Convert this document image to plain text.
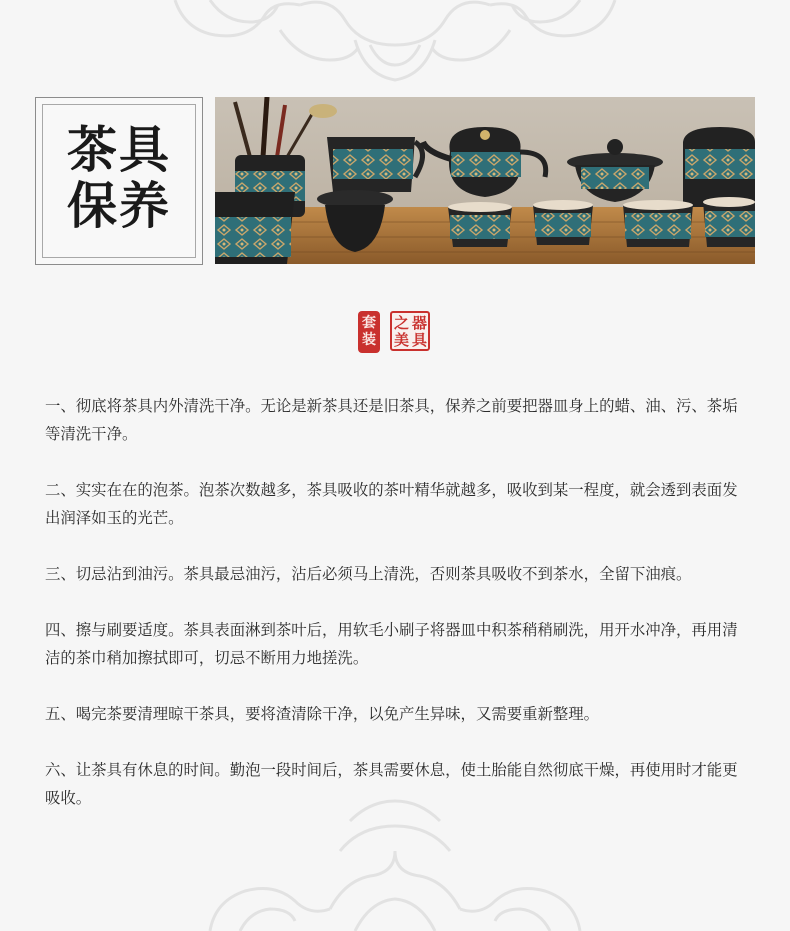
茶具
保养
套装
之 器
美 具

一、彻底将茶具内外清洗干净。无论是新茶具还是旧茶具，保养之前要把器皿身上的蜡、油、污、茶垢等清洗干净。

二、实实在在的泡茶。泡茶次数越多，茶具吸收的茶叶精华就越多，吸收到某一程度，就会透到表面发出润泽如玉的光芒。

三、切忌沾到油污。茶具最忌油污，沾后必须马上清洗，否则茶具吸收不到茶水，全留下油痕。

四、擦与刷要适度。茶具表面淋到茶叶后，用软毛小刷子将器皿中积茶稍稍刷洗，用开水冲净，再用清洁的茶巾稍加擦拭即可，切忌不断用力地搓洗。

五、喝完茶要清理晾干茶具，要将渣清除干净，以免产生异味，又需要重新整理。

六、让茶具有休息的时间。勤泡一段时间后，茶具需要休息，使土胎能自然彻底干燥，再使用时才能更吸收。
